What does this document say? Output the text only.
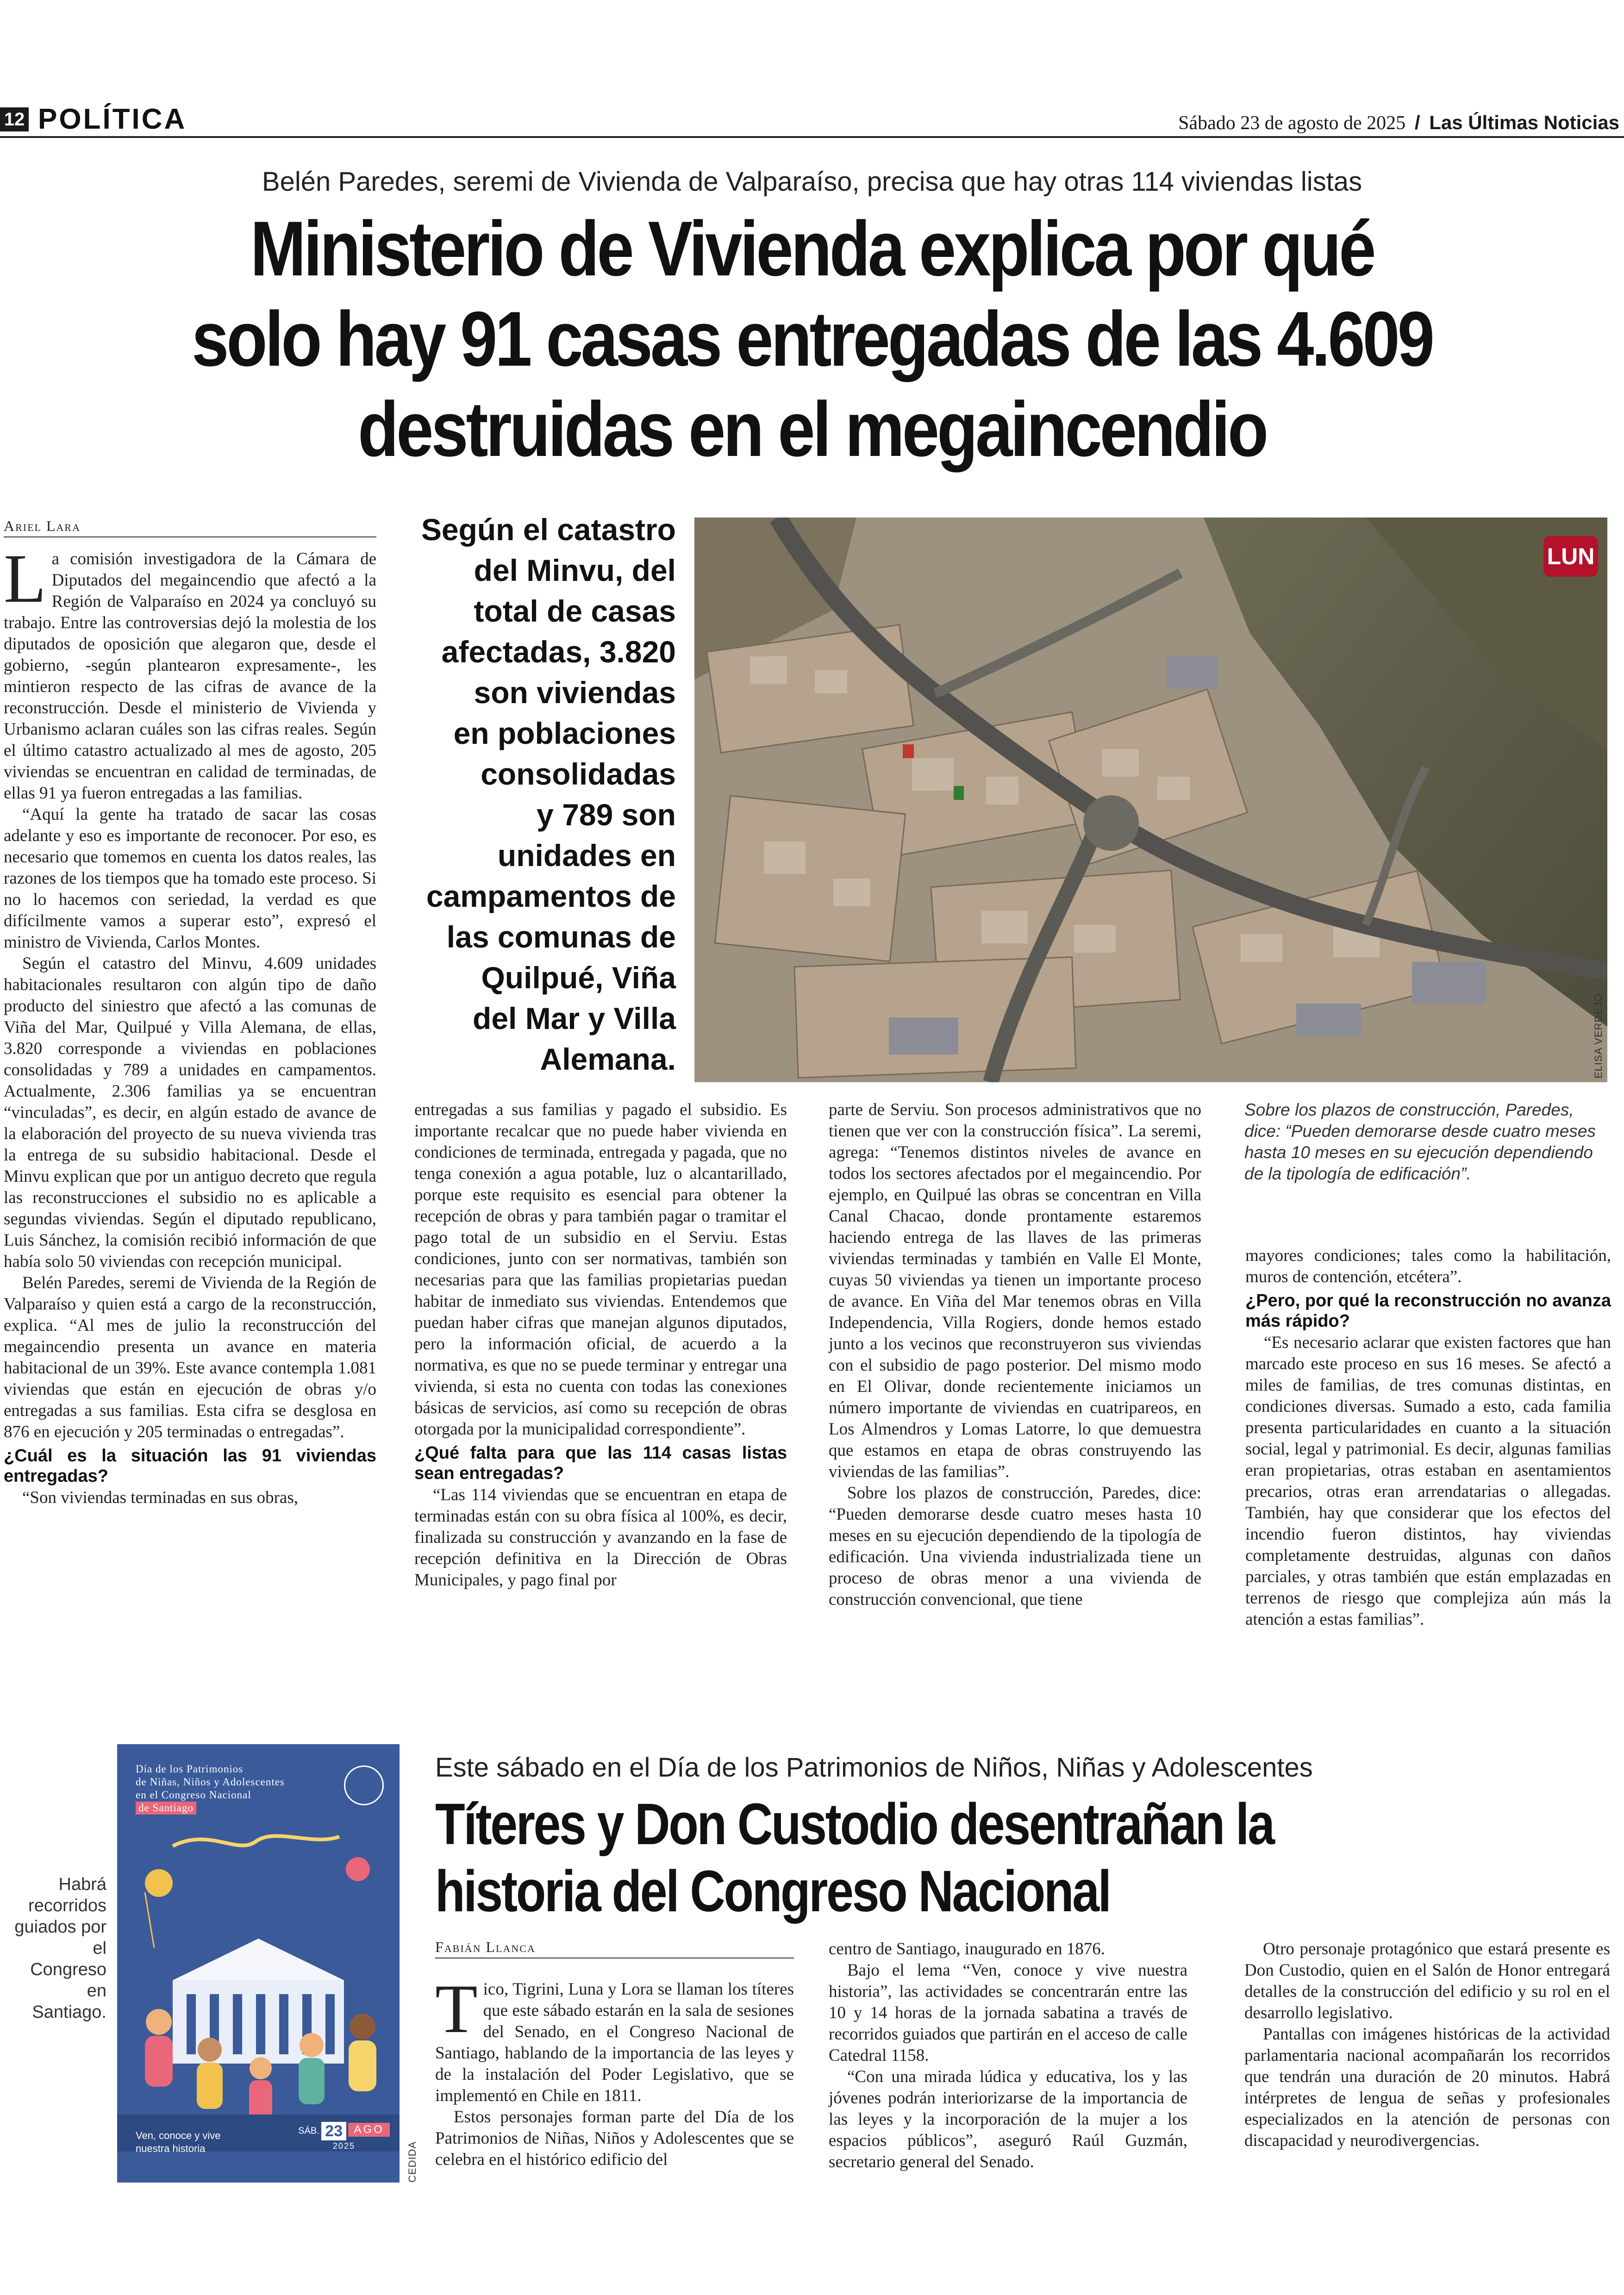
12 POLÍTICA	Sábado 23 de agosto de 2025 / Las Últimas Noticias
Belén Paredes, seremi de Vivienda de Valparaíso, precisa que hay otras 114 viviendas listas
Ministerio de Vivienda explica por qué
solo hay 91 casas entregadas de las 4.609
destruidas en el megaincendio
Ariel Lara

La comisión investigadora de la Cámara de Diputados del megaincendio que afectó a la Región de Valparaíso en 2024 ya concluyó su trabajo. Entre las controversias dejó la molestia de los diputados de oposición que alegaron que, desde el gobierno, -según plantearon expresamente-, les mintieron respecto de las cifras de avance de la reconstrucción. Desde el ministerio de Vivienda y Urbanismo aclaran cuáles son las cifras reales. Según el último catastro actualizado al mes de agosto, 205 viviendas se encuentran en calidad de terminadas, de ellas 91 ya fueron entregadas a las familias.

“Aquí la gente ha tratado de sacar las cosas adelante y eso es importante de reconocer. Por eso, es necesario que tomemos en cuenta los datos reales, las razones de los tiempos que ha tomado este proceso. Si no lo hacemos con seriedad, la verdad es que difícilmente vamos a superar esto”, expresó el ministro de Vivienda, Carlos Montes.

Según el catastro del Minvu, 4.609 unidades habitacionales resultaron con algún tipo de daño producto del siniestro que afectó a las comunas de Viña del Mar, Quilpué y Villa Alemana, de ellas, 3.820 corresponde a viviendas en poblaciones consolidadas y 789 a unidades en campamentos. Actualmente, 2.306 familias ya se encuentran “vinculadas”, es decir, en algún estado de avance de la elaboración del proyecto de su nueva vivienda tras la entrega de su subsidio habitacional. Desde el Minvu explican que por un antiguo decreto que regula las reconstrucciones el subsidio no es aplicable a segundas viviendas. Según el diputado republicano, Luis Sánchez, la comisión recibió información de que había solo 50 viviendas con recepción municipal.

Belén Paredes, seremi de Vivienda de la Región de Valparaíso y quien está a cargo de la reconstrucción, explica. “Al mes de julio la reconstrucción del megaincendio presenta un avance en materia habitacional de un 39%. Este avance contempla 1.081 viviendas que están en ejecución de obras y/o entregadas a sus familias. Esta cifra se desglosa en 876 en ejecución y 205 terminadas o entregadas”.

¿Cuál es la situación las 91 viviendas entregadas?

“Son viviendas terminadas en sus obras,

Según el catastro
del Minvu, del
total de casas
afectadas, 3.820
son viviendas
en poblaciones
consolidadas
y 789 son
unidades en
campamentos de
las comunas de
Quilpué, Viña
del Mar y Villa
Alemana.
LUN
ELISA VERDEJO

entregadas a sus familias y pagado el subsidio. Es importante recalcar que no puede haber vivienda en condiciones de terminada, entregada y pagada, que no tenga conexión a agua potable, luz o alcantarillado, porque este requisito es esencial para obtener la recepción de obras y para también pagar o tramitar el pago total de un subsidio en el Serviu. Estas condiciones, junto con ser normativas, también son necesarias para que las familias propietarias puedan habitar de inmediato sus viviendas. Entendemos que puedan haber cifras que manejan algunos diputados, pero la información oficial, de acuerdo a la normativa, es que no se puede terminar y entregar una vivienda, si esta no cuenta con todas las conexiones básicas de servicios, así como su recepción de obras otorgada por la municipalidad correspondiente”.

¿Qué falta para que las 114 casas listas sean entregadas?

“Las 114 viviendas que se encuentran en etapa de terminadas están con su obra física al 100%, es decir, finalizada su construcción y avanzando en la fase de recepción definitiva en la Dirección de Obras Municipales, y pago final por

parte de Serviu. Son procesos administrativos que no tienen que ver con la construcción física”. La seremi, agrega: “Tenemos distintos niveles de avance en todos los sectores afectados por el megaincendio. Por ejemplo, en Quilpué las obras se concentran en Villa Canal Chacao, donde prontamente estaremos haciendo entrega de las llaves de las primeras viviendas terminadas y también en Valle El Monte, cuyas 50 viviendas ya tienen un importante proceso de avance. En Viña del Mar tenemos obras en Villa Independencia, Villa Rogiers, donde hemos estado junto a los vecinos que reconstruyeron sus viviendas con el subsidio de pago posterior. Del mismo modo en El Olivar, donde recientemente iniciamos un número importante de viviendas en cuatripareos, en Los Almendros y Lomas Latorre, lo que demuestra que estamos en etapa de obras construyendo las viviendas de las familias”.

Sobre los plazos de construcción, Paredes, dice: “Pueden demorarse desde cuatro meses hasta 10 meses en su ejecución dependiendo de la tipología de edificación. Una vivienda industrializada tiene un proceso de obras menor a una vivienda de construcción convencional, que tiene

Sobre los plazos de construcción, Paredes, dice: “Pueden demorarse desde cuatro meses hasta 10 meses en su ejecución dependiendo de la tipología de edificación”.

mayores condiciones; tales como la habilitación, muros de contención, etcétera”.

¿Pero, por qué la reconstrucción no avanza más rápido?

“Es necesario aclarar que existen factores que han marcado este proceso en sus 16 meses. Se afectó a miles de familias, de tres comunas distintas, en condiciones diversas. Sumado a esto, cada familia presenta particularidades en cuanto a la situación social, legal y patrimonial. Es decir, algunas familias eran propietarias, otras estaban en asentamientos precarios, otras eran arrendatarias o allegadas. También, hay que considerar que los efectos del incendio fueron distintos, hay viviendas completamente destruidas, algunas con daños parciales, y otras también que están emplazadas en terrenos de riesgo que complejiza aún más la atención a estas familias”.

Habrá recorridos guiados por el Congreso en Santiago.
Día de los Patrimonios
de Niñas, Niños y Adolescentes
en el Congreso Nacional
de Santiago
Ven, conoce y vive
nuestra historia
SÁB. 23 AGO
2025	CEDIDA
Este sábado en el Día de los Patrimonios de Niños, Niñas y Adolescentes
Títeres y Don Custodio desentrañan la
historia del Congreso Nacional
Fabián Llanca

Tico, Tigrini, Luna y Lora se llaman los títeres que este sábado estarán en la sala de sesiones del Senado, en el Congreso Nacional de Santiago, hablando de la importancia de las leyes y de la instalación del Poder Legislativo, que se implementó en Chile en 1811.

Estos personajes forman parte del Día de los Patrimonios de Niñas, Niños y Adolescentes que se celebra en el histórico edificio del

centro de Santiago, inaugurado en 1876.

Bajo el lema “Ven, conoce y vive nuestra historia”, las actividades se concentrarán entre las 10 y 14 horas de la jornada sabatina a través de recorridos guiados que partirán en el acceso de calle Catedral 1158.

“Con una mirada lúdica y educativa, los y las jóvenes podrán interiorizarse de la importancia de las leyes y la incorporación de la mujer a los espacios públicos”, aseguró Raúl Guzmán, secretario general del Senado.

Otro personaje protagónico que estará presente es Don Custodio, quien en el Salón de Honor entregará detalles de la construcción del edificio y su rol en el desarrollo legislativo.

Pantallas con imágenes históricas de la actividad parlamentaria nacional acompañarán los recorridos que tendrán una duración de 20 minutos. Habrá intérpretes de lengua de señas y profesionales especializados en la atención de personas con discapacidad y neurodivergencias.
